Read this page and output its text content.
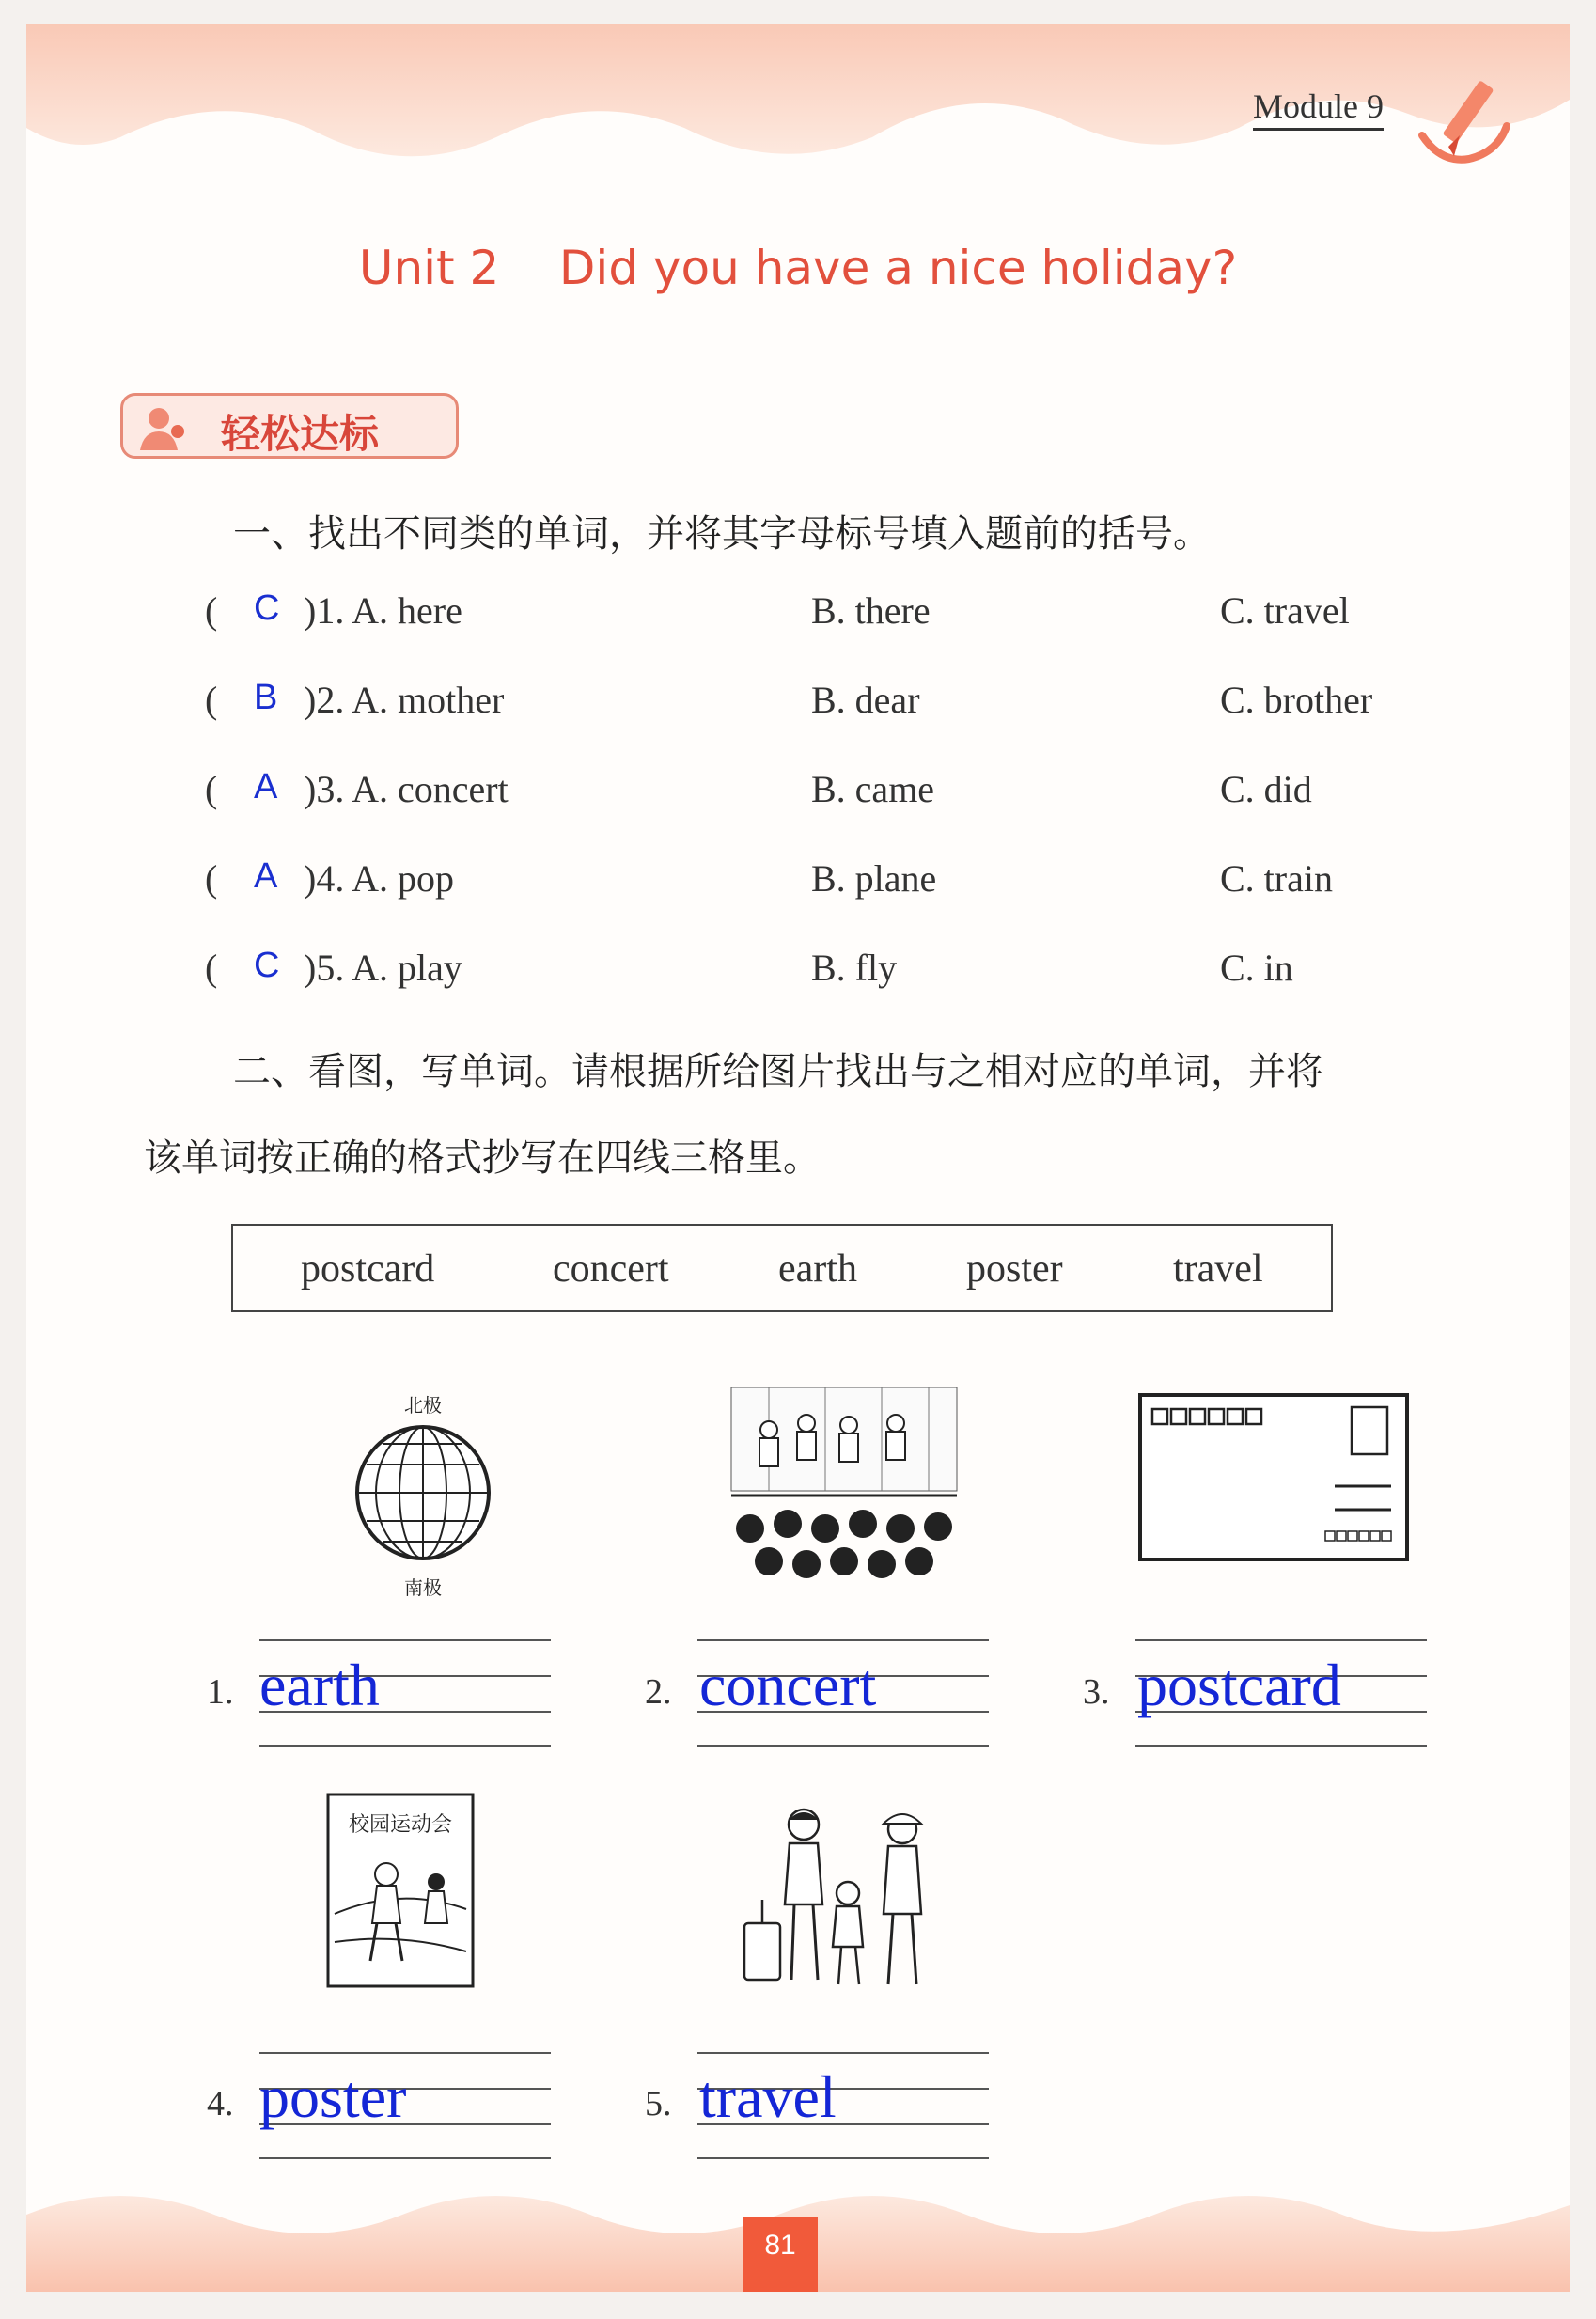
Module 9
Unit 2    Did you have a nice holiday?
轻松达标
一、找出不同类的单词，并将其字母标号填入题前的括号。
( C )1. A. here	B. there	C. travel
( B )2. A. mother	B. dear	C. brother
( A )3. A. concert	B. came	C. did
( A )4. A. pop	B. plane	C. train
( C )5. A. play	B. fly	C. in
二、看图，写单词。请根据所给图片找出与之相对应的单词，并将
该单词按正确的格式抄写在四线三格里。
postcard	concert	earth	poster	travel
北极
南极
1. earth	2. concert	3. postcard
校园运动会
4. poster	5. travel
81
